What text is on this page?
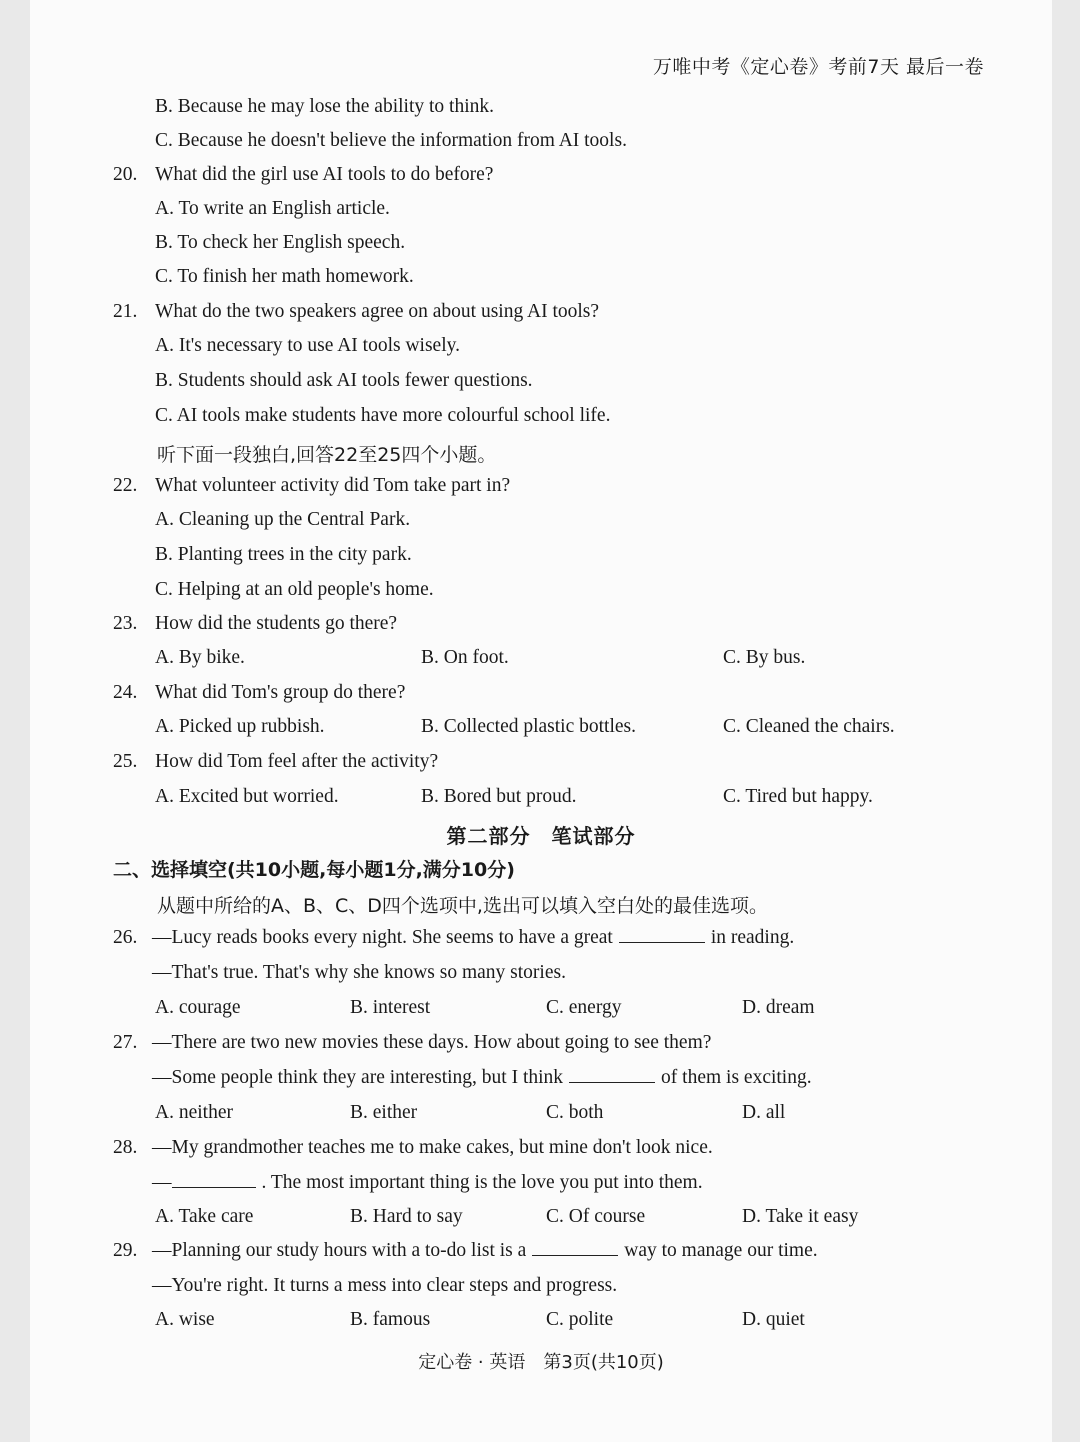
万唯中考《定心卷》考前7天 最后一卷
B. Because he may lose the ability to think.
C. Because he doesn't believe the information from AI tools.
20. What did the girl use AI tools to do before?
A. To write an English article.
B. To check her English speech.
C. To finish her math homework.
21. What do the two speakers agree on about using AI tools?
A. It's necessary to use AI tools wisely.
B. Students should ask AI tools fewer questions.
C. AI tools make students have more colourful school life.
听下面一段独白,回答22至25四个小题。
22. What volunteer activity did Tom take part in?
A. Cleaning up the Central Park.
B. Planting trees in the city park.
C. Helping at an old people's home.
23. How did the students go there?
A. By bike.	B. On foot.	C. By bus.
24. What did Tom's group do there?
A. Picked up rubbish.	B. Collected plastic bottles.	C. Cleaned the chairs.
25. How did Tom feel after the activity?
A. Excited but worried.	B. Bored but proud.	C. Tired but happy.
第二部分　笔试部分
二、选择填空(共10小题,每小题1分,满分10分)
从题中所给的A、B、C、D四个选项中,选出可以填入空白处的最佳选项。
26. —Lucy reads books every night. She seems to have a great	in reading.
—That's true. That's why she knows so many stories.
A. courage	B. interest	C. energy	D. dream
27. —There are two new movies these days. How about going to see them?
—Some people think they are interesting, but I think	of them is exciting.
A. neither	B. either	C. both	D. all
28. —My grandmother teaches me to make cakes, but mine don't look nice.
—	. The most important thing is the love you put into them.
A. Take care	B. Hard to say	C. Of course	D. Take it easy
29. —Planning our study hours with a to-do list is a	way to manage our time.
—You're right. It turns a mess into clear steps and progress.
A. wise	B. famous	C. polite	D. quiet
定心卷 · 英语　第3页(共10页)
